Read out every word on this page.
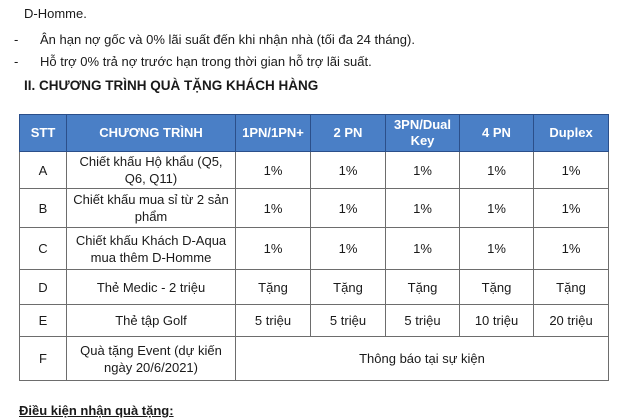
D-Homme.
-	Ân hạn nợ gốc và 0% lãi suất đến khi nhận nhà (tối đa 24 tháng).
-	Hỗ trợ 0% trả nợ trước hạn trong thời gian hỗ trợ lãi suất.
II. CHƯƠNG TRÌNH QUÀ TẶNG KHÁCH HÀNG
STT	CHƯƠNG TRÌNH	1PN/1PN+	2 PN	3PN/Dual Key	4 PN	Duplex
A	Chiết khấu Hộ khẩu (Q5, Q6, Q11)	1%	1%	1%	1%	1%
B	Chiết khấu mua sỉ từ 2 sản phẩm	1%	1%	1%	1%	1%
C	Chiết khấu Khách D-Aqua mua thêm D-Homme	1%	1%	1%	1%	1%
D	Thẻ Medic - 2 triệu	Tặng	Tặng	Tặng	Tặng	Tặng
E	Thẻ tập Golf	5 triệu	5 triệu	5 triệu	10 triệu	20 triệu
F	Quà tặng Event (dự kiến ngày 20/6/2021)	Thông báo tại sự kiện				
Điều kiện nhận quà tặng:
